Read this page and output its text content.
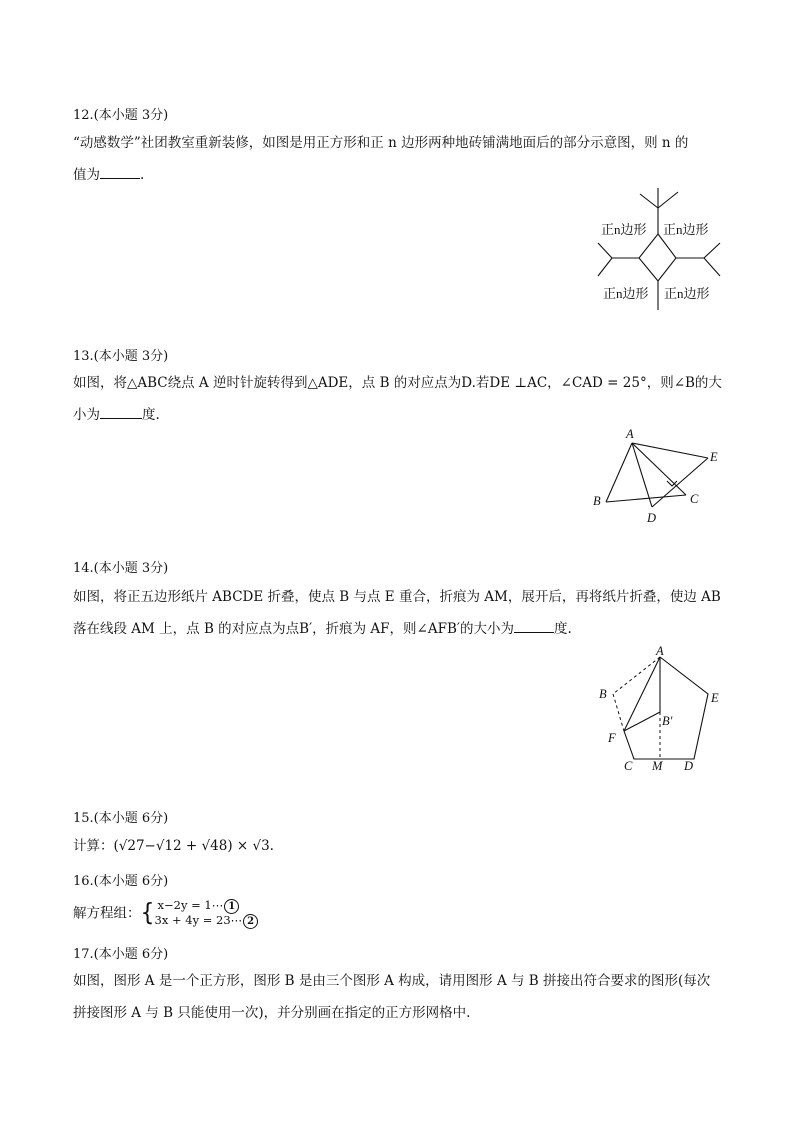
12.(本小题 3分)
“动感数学”社团教室重新装修，如图是用正方形和正 n 边形两种地砖铺满地面后的部分示意图，则 n 的
值为	.
正n边形 正n边形
正n边形 正n边形
13.(本小题 3分)
如图，将△ABC绕点 A 逆时针旋转得到△ADE，点 B 的对应点为D.若DE ⊥AC，∠CAD = 25°，则∠B的大
小为	度.
A
E
B	C
D
14.(本小题 3分)
如图，将正五边形纸片 ABCDE 折叠，使点 B 与点 E 重合，折痕为 AM，展开后，再将纸片折叠，使边 AB
落在线段 AM 上，点 B 的对应点为点B′，折痕为 AF，则∠AFB′的大小为	度.
A
B	E
B′
F
C M D
15.(本小题 6分)
计算：(√27−√12 + √48) × √3.
16.(本小题 6分)
解方程组：{ x−2y = 1⋯ 1
3x + 4y = 23⋯ 2
17.(本小题 6分)
如图，图形 A 是一个正方形，图形 B 是由三个图形 A 构成，请用图形 A 与 B 拼接出符合要求的图形(每次
拼接图形 A 与 B 只能使用一次)，并分别画在指定的正方形网格中.
